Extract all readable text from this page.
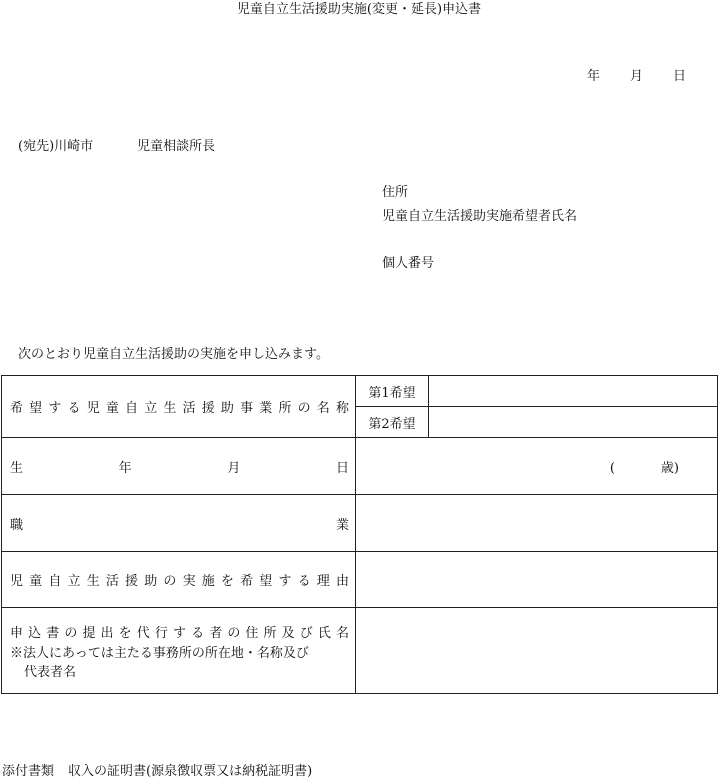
児童自立生活援助実施(変更・延長)申込書
年 月 日
(宛先)川崎市	児童相談所長
住所
児童自立生活援助実施希望者氏名
個人番号
次のとおり児童自立生活援助の実施を申し込みます。
希望する児童自立生活援助事業所の名称	第1希望	
	第2希望	

生 年 月 日	( 歳)	

職 業		

児童自立生活援助の実施を希望する理由		

申込書の提出を代行する者の住所及び氏名
※法人にあっては主たる事務所の所在地・名称及び
代表者名		

添付書類 収入の証明書(源泉徴収票又は納税証明書)
